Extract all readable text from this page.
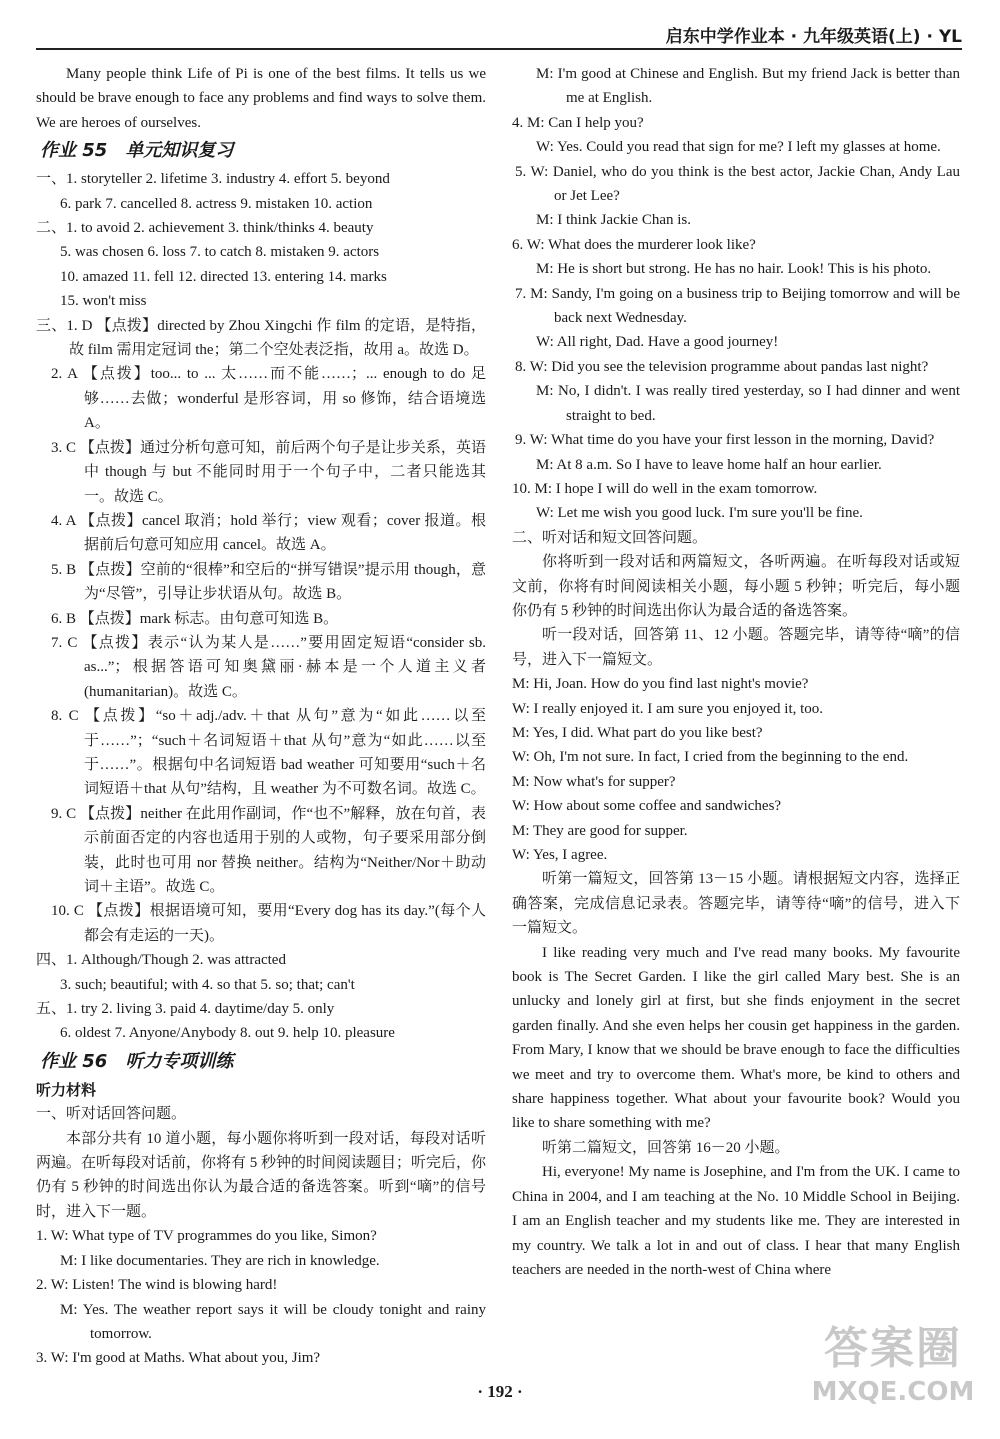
启东中学作业本 · 九年级英语(上) · YL

Many people think Life of Pi is one of the best films. It tells us we should be brave enough to face any problems and find ways to solve them. We are heroes of ourselves.

作业 55 单元知识复习

一、1. storyteller 2. lifetime 3. industry 4. effort 5. beyond

6. park 7. cancelled 8. actress 9. mistaken 10. action

二、1. to avoid 2. achievement 3. think/thinks 4. beauty

5. was chosen 6. loss 7. to catch 8. mistaken 9. actors

10. amazed 11. fell 12. directed 13. entering 14. marks

15. won't miss

三、1. D 【点拨】directed by Zhou Xingchi 作 film 的定语，是特指，故 film 需用定冠词 the；第二个空处表泛指，故用 a。故选 D。

2. A 【点拨】too... to ... 太……而不能……；... enough to do 足够……去做；wonderful 是形容词，用 so 修饰，结合语境选 A。

3. C 【点拨】通过分析句意可知，前后两个句子是让步关系，英语中 though 与 but 不能同时用于一个句子中，二者只能选其一。故选 C。

4. A 【点拨】cancel 取消；hold 举行；view 观看；cover 报道。根据前后句意可知应用 cancel。故选 A。

5. B 【点拨】空前的“很棒”和空后的“拼写错误”提示用 though，意为“尽管”，引导让步状语从句。故选 B。

6. B 【点拨】mark 标志。由句意可知选 B。

7. C 【点拨】表示“认为某人是……”要用固定短语“consider sb. as...”；根据答语可知奥黛丽·赫本是一个人道主义者(humanitarian)。故选 C。

8. C 【点拨】“so＋adj./adv.＋that 从句”意为“如此……以至于……”；“such＋名词短语＋that 从句”意为“如此……以至于……”。根据句中名词短语 bad weather 可知要用“such＋名词短语＋that 从句”结构，且 weather 为不可数名词。故选 C。

9. C 【点拨】neither 在此用作副词，作“也不”解释，放在句首，表示前面否定的内容也适用于别的人或物，句子要采用部分倒装，此时也可用 nor 替换 neither。结构为“Neither/Nor＋助动词＋主语”。故选 C。

10. C 【点拨】根据语境可知，要用“Every dog has its day.”(每个人都会有走运的一天)。

四、1. Although/Though 2. was attracted

3. such; beautiful; with 4. so that 5. so; that; can't

五、1. try 2. living 3. paid 4. daytime/day 5. only

6. oldest 7. Anyone/Anybody 8. out 9. help 10. pleasure

作业 56 听力专项训练

听力材料

一、听对话回答问题。

本部分共有 10 道小题，每小题你将听到一段对话，每段对话听两遍。在听每段对话前，你将有 5 秒钟的时间阅读题目；听完后，你仍有 5 秒钟的时间选出你认为最合适的备选答案。听到“嘀”的信号时，进入下一题。

1. W: What type of TV programmes do you like, Simon?

M: I like documentaries. They are rich in knowledge.

2. W: Listen! The wind is blowing hard!

M: Yes. The weather report says it will be cloudy tonight and rainy tomorrow.

3. W: I'm good at Maths. What about you, Jim?

M: I'm good at Chinese and English. But my friend Jack is better than me at English.

4. M: Can I help you?

W: Yes. Could you read that sign for me? I left my glasses at home.

5. W: Daniel, who do you think is the best actor, Jackie Chan, Andy Lau or Jet Lee?

M: I think Jackie Chan is.

6. W: What does the murderer look like?

M: He is short but strong. He has no hair. Look! This is his photo.

7. M: Sandy, I'm going on a business trip to Beijing tomorrow and will be back next Wednesday.

W: All right, Dad. Have a good journey!

8. W: Did you see the television programme about pandas last night?

M: No, I didn't. I was really tired yesterday, so I had dinner and went straight to bed.

9. W: What time do you have your first lesson in the morning, David?

M: At 8 a.m. So I have to leave home half an hour earlier.

10. M: I hope I will do well in the exam tomorrow.

W: Let me wish you good luck. I'm sure you'll be fine.

二、听对话和短文回答问题。

你将听到一段对话和两篇短文，各听两遍。在听每段对话或短文前，你将有时间阅读相关小题，每小题 5 秒钟；听完后，每小题你仍有 5 秒钟的时间选出你认为最合适的备选答案。

听一段对话，回答第 11、12 小题。答题完毕，请等待“嘀”的信号，进入下一篇短文。

M: Hi, Joan. How do you find last night's movie?

W: I really enjoyed it. I am sure you enjoyed it, too.

M: Yes, I did. What part do you like best?

W: Oh, I'm not sure. In fact, I cried from the beginning to the end.

M: Now what's for supper?

W: How about some coffee and sandwiches?

M: They are good for supper.

W: Yes, I agree.

听第一篇短文，回答第 13－15 小题。请根据短文内容，选择正确答案，完成信息记录表。答题完毕，请等待“嘀”的信号，进入下一篇短文。

I like reading very much and I've read many books. My favourite book is The Secret Garden. I like the girl called Mary best. She is an unlucky and lonely girl at first, but she finds enjoyment in the secret garden finally. And she even helps her cousin get happiness in the garden. From Mary, I know that we should be brave enough to face the difficulties we meet and try to overcome them. What's more, be kind to others and share happiness together. What about your favourite book? Would you like to share something with me?

听第二篇短文，回答第 16－20 小题。

Hi, everyone! My name is Josephine, and I'm from the UK. I came to China in 2004, and I am teaching at the No. 10 Middle School in Beijing. I am an English teacher and my students like me. They are interested in my country. We talk a lot in and out of class. I hear that many English teachers are needed in the north-west of China where

· 192 ·
答案圈
MXQE.COM
